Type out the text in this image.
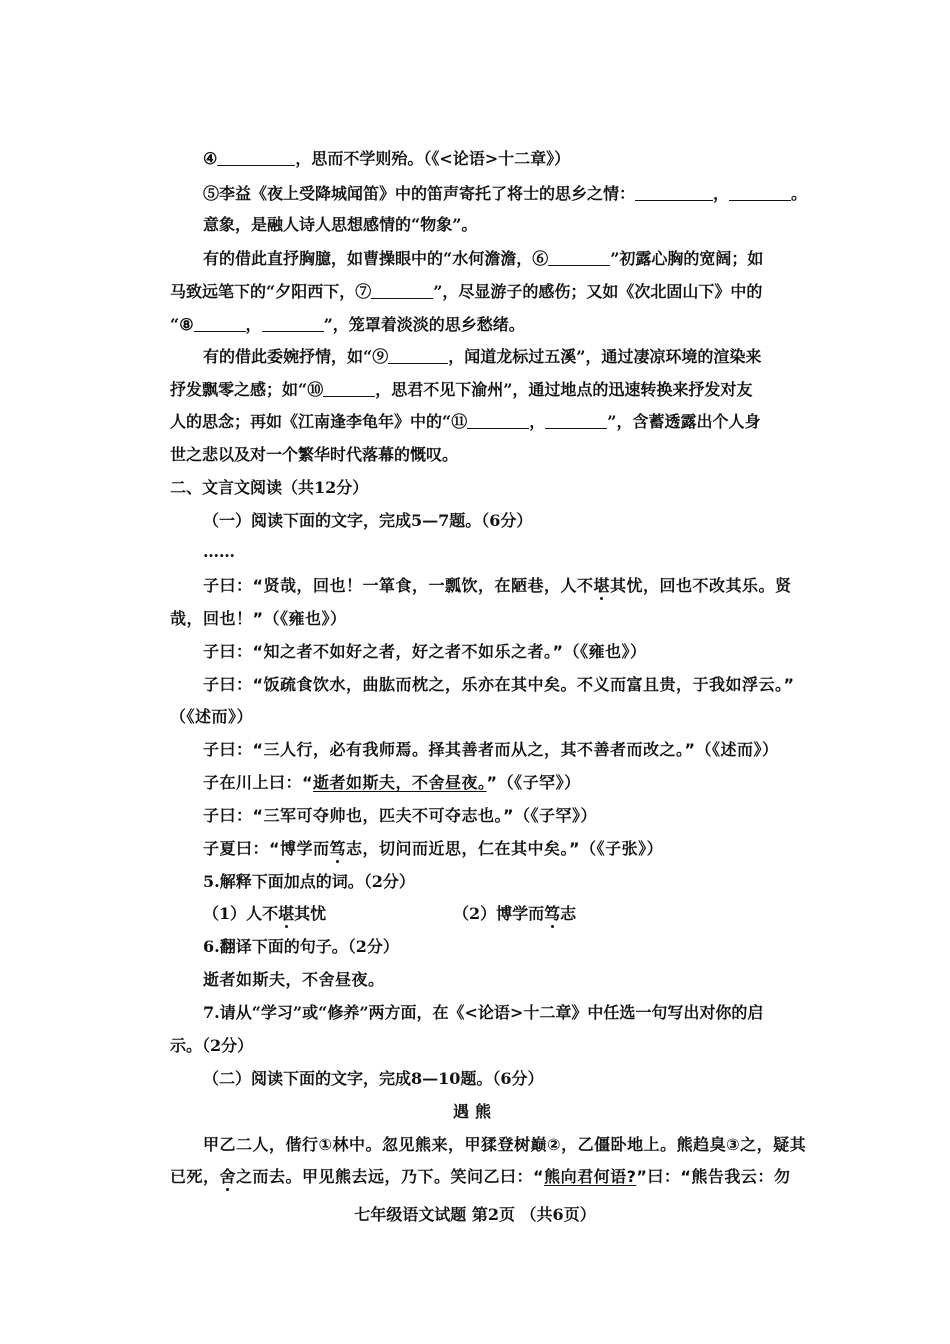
④	，思而不学则殆。（《<论语>十二章》）
⑤李益《夜上受降城闻笛》中的笛声寄托了将士的思乡之情：	，	。
意象，是融人诗人思想感情的“物象”。
有的借此直抒胸臆，如曹操眼中的“水何澹澹，⑥	”初露心胸的宽阔；如
马致远笔下的“夕阳西下，⑦	”，尽显游子的感伤；又如《次北固山下》中的
“⑧	，	”，笼罩着淡淡的思乡愁绪。
有的借此委婉抒情，如“⑨	，闻道龙标过五溪”，通过凄凉环境的渲染来
抒发飘零之感；如“⑩	，思君不见下渝州”，通过地点的迅速转换来抒发对友
人的思念；再如《江南逢李龟年》中的“⑪	，	”，含蓄透露出个人身
世之悲以及对一个繁华时代落幕的慨叹。
二、文言文阅读（共12分）
（一）阅读下面的文字，完成5—7题。（6分）
……
子曰：“贤哉，回也！一箪食，一瓢饮，在陋巷，人不堪其忧，回也不改其乐。贤
哉，回也！”（《雍也》）
子曰：“知之者不如好之者，好之者不如乐之者。”（《雍也》）
子曰：“饭疏食饮水，曲肱而枕之，乐亦在其中矣。不义而富且贵，于我如浮云。”
（《述而》）
子曰：“三人行，必有我师焉。择其善者而从之，其不善者而改之。”（《述而》）
子在川上曰：“逝者如斯夫，不舍昼夜。”（《子罕》）
子曰：“三军可夺帅也，匹夫不可夺志也。”（《子罕》）
子夏曰：“博学而笃志，切问而近思，仁在其中矣。”（《子张》）
5.解释下面加点的词。（2分）
（1）人不堪其忧	（2）博学而笃志
6.翻译下面的句子。（2分）
逝者如斯夫，不舍昼夜。
7.请从“学习”或“修养”两方面，在《<论语>十二章》中任选一句写出对你的启
示。（2分）
（二）阅读下面的文字，完成8—10题。（6分）
遇熊
甲乙二人，偕行①林中。忽见熊来，甲猱登树巅②，乙僵卧地上。熊趋臭③之，疑其
已死，舍之而去。甲见熊去远，乃下。笑问乙曰：“熊向君何语?”曰：“熊告我云：勿
七年级语文试题 第2页 （共6页）
